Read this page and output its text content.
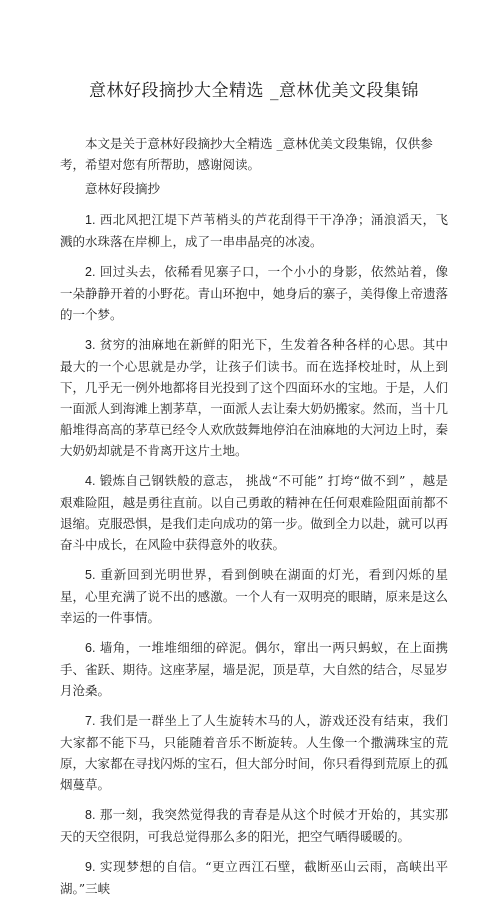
意林好段摘抄大全精选 _意林优美文段集锦

本文是关于意林好段摘抄大全精选 _意林优美文段集锦，仅供参考，希望对您有所帮助，感谢阅读。

意林好段摘抄

1. 西北风把江堤下芦苇梢头的芦花刮得干干净净；涌浪滔天，飞溅的水珠落在岸柳上，成了一串串晶亮的冰凌。

2. 回过头去，依稀看见寨子口，一个小小的身影，依然站着，像一朵静静开着的小野花。青山环抱中，她身后的寨子，美得像上帝遗落的一个梦。

3. 贫穷的油麻地在新鲜的阳光下，生发着各种各样的心思。其中最大的一个心思就是办学，让孩子们读书。而在选择校址时，从上到下，几乎无一例外地都将目光投到了这个四面环水的宝地。于是，人们一面派人到海滩上割茅草，一面派人去让秦大奶奶搬家。然而，当十几船堆得高高的茅草已经令人欢欣鼓舞地停泊在油麻地的大河边上时，秦大奶奶却就是不肯离开这片土地。

4. 锻炼自己钢铁般的意志， 挑战“不可能” 打垮“做不到” ，越是艰难险阻，越是勇往直前。以自己勇敢的精神在任何艰难险阻面前都不退缩。克服恐惧，是我们走向成功的第一步。做到全力以赴，就可以再奋斗中成长，在风险中获得意外的收获。

5. 重新回到光明世界，看到倒映在湖面的灯光，看到闪烁的星星，心里充满了说不出的感激。一个人有一双明亮的眼睛，原来是这么幸运的一件事情。

6. 墙角，一堆堆细细的碎泥。偶尔，窜出一两只蚂蚁，在上面携手、雀跃、期待。这座茅屋，墙是泥，顶是草，大自然的结合，尽显岁月沧桑。

7. 我们是一群坐上了人生旋转木马的人，游戏还没有结束，我们大家都不能下马，只能随着音乐不断旋转。人生像一个撒满珠宝的荒原，大家都在寻找闪烁的宝石，但大部分时间，你只看得到荒原上的孤烟蔓草。

8. 那一刻，我突然觉得我的青春是从这个时候才开始的，其实那天的天空很阴，可我总觉得那么多的阳光，把空气晒得暖暖的。

9. 实现梦想的自信。“更立西江石壁，截断巫山云雨，高峡出平湖。”三峡
